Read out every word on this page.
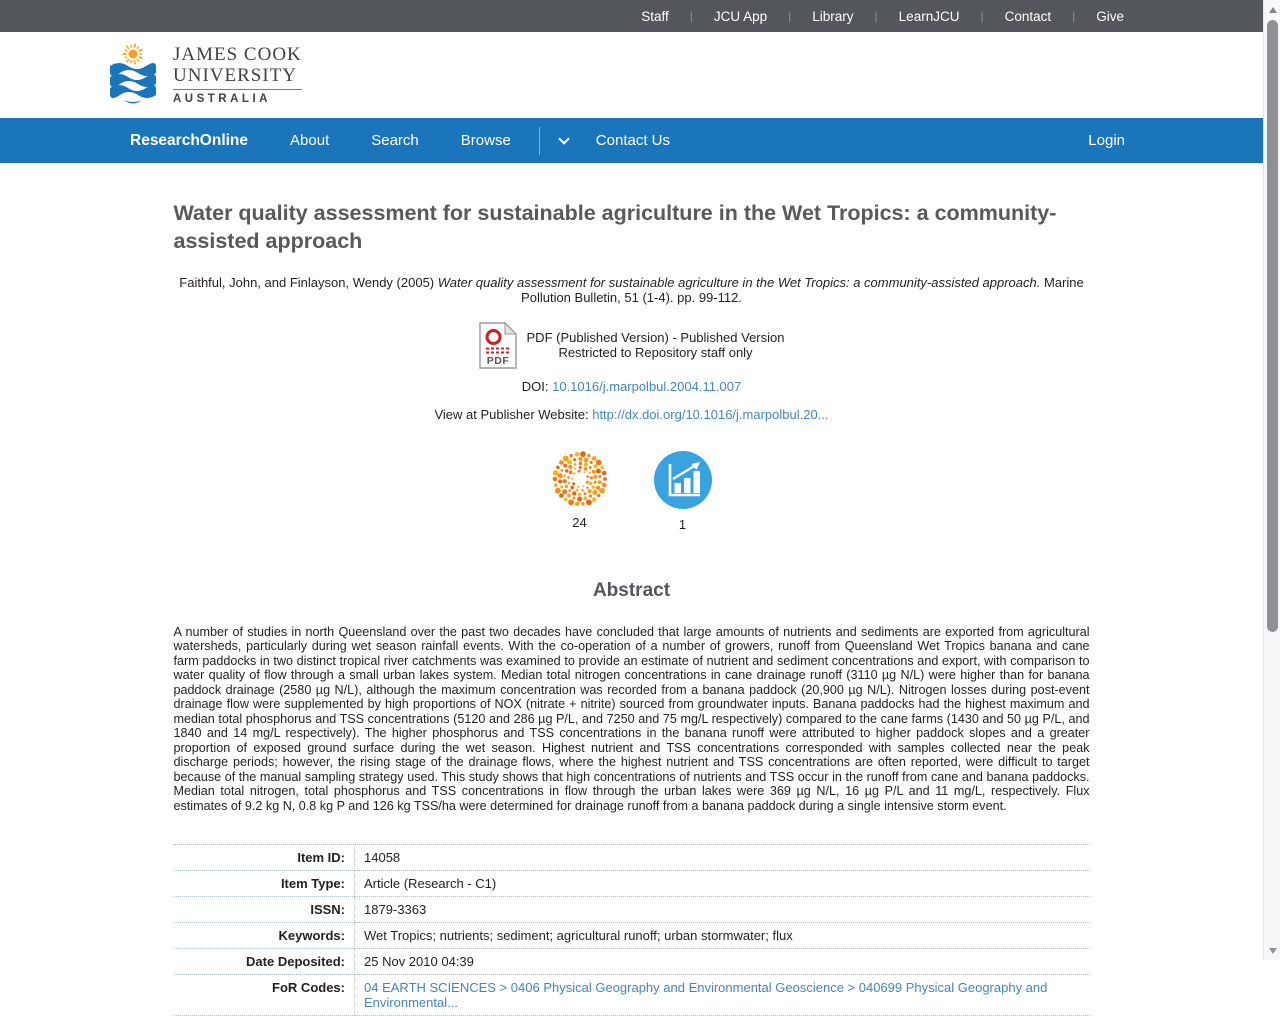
Staff	|	JCU App	|	Library	|	LearnJCU	|	Contact	|	Give
JAMES COOK
UNIVERSITY
AUSTRALIA
ResearchOnline	About	Search	Browse	Contact Us	Login
Water quality assessment for sustainable agriculture in the Wet Tropics: a community-assisted approach

Faithful, John, and Finlayson, Wendy (2005) Water quality assessment for sustainable agriculture in the Wet Tropics: a community-assisted approach. Marine Pollution Bulletin, 51 (1-4). pp. 99-112.

PDF
PDF (Published Version) - Published Version
Restricted to Repository staff only

DOI: 10.1016/j.marpolbul.2004.11.007

View at Publisher Website: http://dx.doi.org/10.1016/j.marpolbul.20...

24	1
Abstract

A number of studies in north Queensland over the past two decades have concluded that large amounts of nutrients and sediments are exported from agricultural watersheds, particularly during wet season rainfall events. With the co-operation of a number of growers, runoff from Queensland Wet Tropics banana and cane farm paddocks in two distinct tropical river catchments was examined to provide an estimate of nutrient and sediment concentrations and export, with comparison to water quality of flow through a small urban lakes system. Median total nitrogen concentrations in cane drainage runoff (3110 µg N/L) were higher than for banana paddock drainage (2580 µg N/L), although the maximum concentration was recorded from a banana paddock (20,900 µg N/L). Nitrogen losses during post-event drainage flow were supplemented by high proportions of NOX (nitrate + nitrite) sourced from groundwater inputs. Banana paddocks had the highest maximum and median total phosphorus and TSS concentrations (5120 and 286 µg P/L, and 7250 and 75 mg/L respectively) compared to the cane farms (1430 and 50 µg P/L, and 1840 and 14 mg/L respectively). The higher phosphorus and TSS concentrations in the banana runoff were attributed to higher paddock slopes and a greater proportion of exposed ground surface during the wet season. Highest nutrient and TSS concentrations corresponded with samples collected near the peak discharge periods; however, the rising stage of the drainage flows, where the highest nutrient and TSS concentrations are often reported, were difficult to target because of the manual sampling strategy used. This study shows that high concentrations of nutrients and TSS occur in the runoff from cane and banana paddocks. Median total nitrogen, total phosphorus and TSS concentrations in flow through the urban lakes were 369 µg N/L, 16 µg P/L and 11 mg/L, respectively. Flux estimates of 9.2 kg N, 0.8 kg P and 126 kg TSS/ha were determined for drainage runoff from a banana paddock during a single intensive storm event.

Item ID:	14058
Item Type:	Article (Research - C1)
ISSN:	1879-3363
Keywords:	Wet Tropics; nutrients; sediment; agricultural runoff; urban stormwater; flux
Date Deposited:	25 Nov 2010 04:39
FoR Codes:	04 EARTH SCIENCES > 0406 Physical Geography and Environmental Geoscience > 040699 Physical Geography and Environmental...
